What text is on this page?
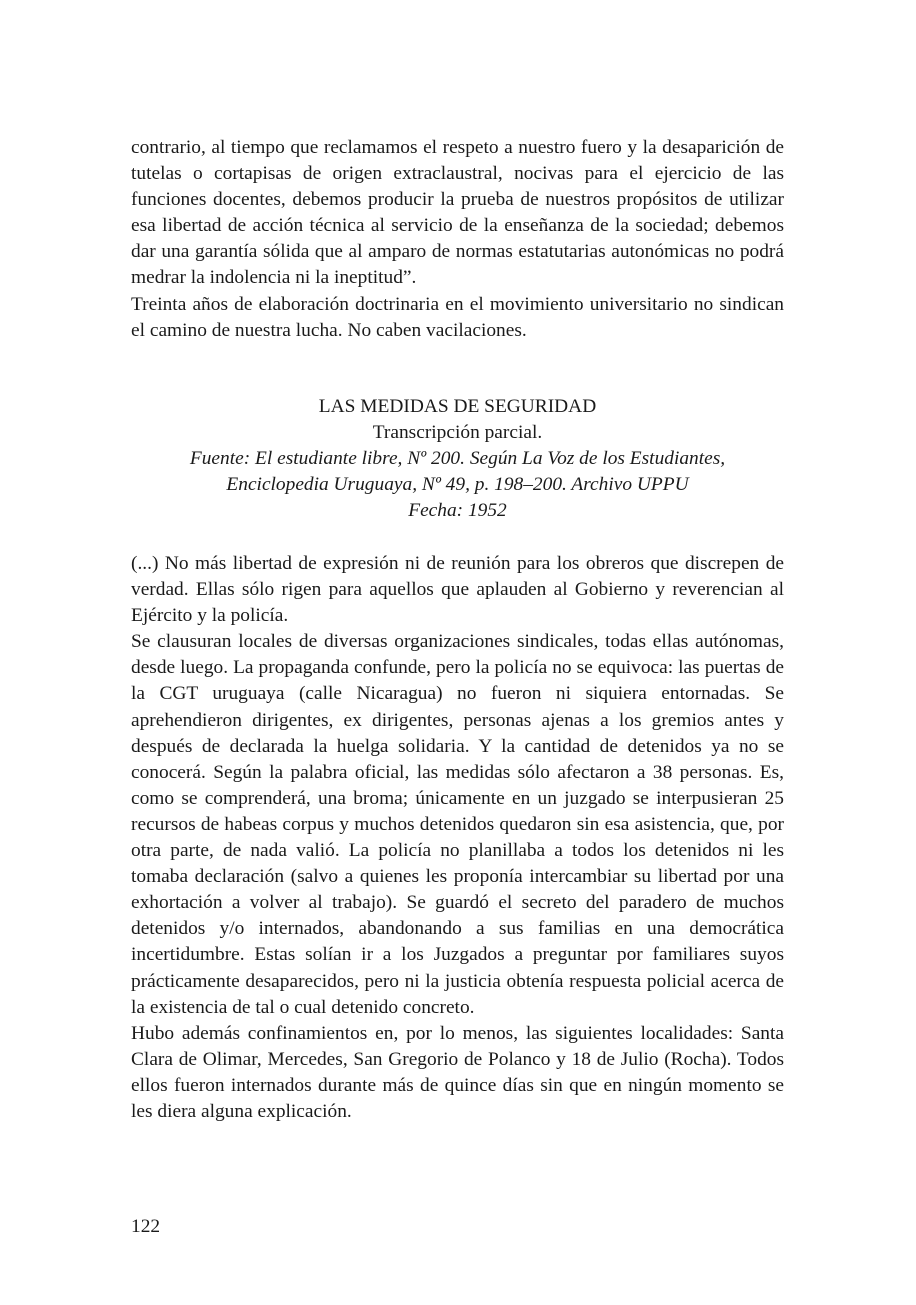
contrario, al tiempo que reclamamos el respeto a nuestro fuero y la desaparición de tutelas o cortapisas de origen extraclaustral, nocivas para el ejercicio de las funciones docentes, debemos producir la prueba de nuestros propósitos de utilizar esa libertad de acción técnica al servicio de la enseñanza de la sociedad; debemos dar una garantía sólida que al amparo de normas estatutarias autonómicas no podrá medrar la indolencia ni la ineptitud”.

Treinta años de elaboración doctrinaria en el movimiento universitario no sindican el camino de nuestra lucha. No caben vacilaciones.

LAS MEDIDAS DE SEGURIDAD
Transcripción parcial.
Fuente: El estudiante libre, Nº 200. Según La Voz de los Estudiantes,
Enciclopedia Uruguaya, Nº 49, p. 198–200. Archivo UPPU
Fecha: 1952

(...) No más libertad de expresión ni de reunión para los obreros que discrepen de verdad. Ellas sólo rigen para aquellos que aplauden al Gobierno y reverencian al Ejército y la policía.

Se clausuran locales de diversas organizaciones sindicales, todas ellas autónomas, desde luego. La propaganda confunde, pero la policía no se equivoca: las puertas de la CGT uruguaya (calle Nicaragua) no fueron ni siquiera entornadas. Se aprehendieron dirigentes, ex dirigentes, personas ajenas a los gremios antes y después de declarada la huelga solidaria. Y la cantidad de detenidos ya no se conocerá. Según la palabra oficial, las medidas sólo afectaron a 38 personas. Es, como se comprenderá, una broma; únicamente en un juzgado se interpusieran 25 recursos de habeas corpus y muchos detenidos quedaron sin esa asistencia, que, por otra parte, de nada valió. La policía no planillaba a todos los detenidos ni les tomaba declaración (salvo a quienes les proponía intercambiar su libertad por una exhortación a volver al trabajo). Se guardó el secreto del paradero de muchos detenidos y/o internados, abandonando a sus familias en una democrática incertidumbre. Estas solían ir a los Juzgados a preguntar por familiares suyos prácticamente desaparecidos, pero ni la justicia obtenía respuesta policial acerca de la existencia de tal o cual detenido concreto.

Hubo además confinamientos en, por lo menos, las siguientes localidades: Santa Clara de Olimar, Mercedes, San Gregorio de Polanco y 18 de Julio (Rocha). Todos ellos fueron internados durante más de quince días sin que en ningún momento se les diera alguna explicación.

122
